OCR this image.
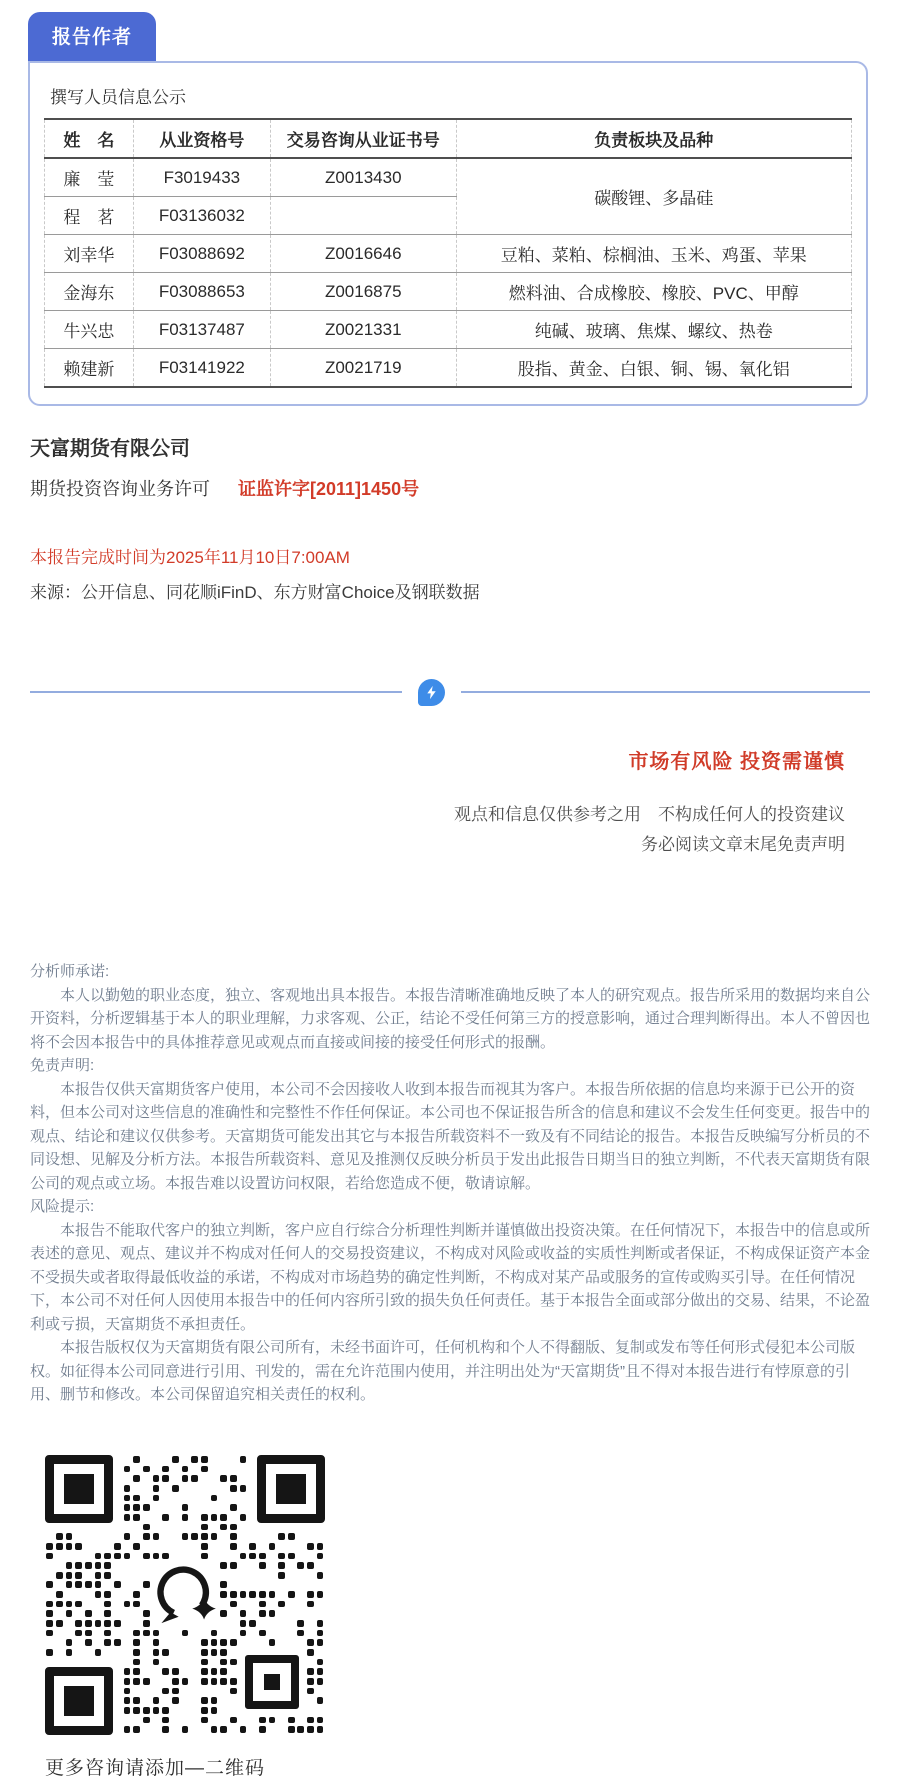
报告作者
撰写人员信息公示
姓　名	从业资格号	交易咨询从业证书号	负责板块及品种
廉　莹	F3019433	Z0013430	碳酸锂、多晶硅
程　茗	F03136032		
刘幸华	F03088692	Z0016646	豆粕、菜粕、棕榈油、玉米、鸡蛋、苹果
金海东	F03088653	Z0016875	燃料油、合成橡胶、橡胶、PVC、甲醇
牛兴忠	F03137487	Z0021331	纯碱、玻璃、焦煤、螺纹、热卷
赖建新	F03141922	Z0021719	股指、黄金、白银、铜、锡、氧化铝
天富期货有限公司
期货投资咨询业务许可 证监许字[2011]1450号
本报告完成时间为2025年11月10日7:00AM
来源：公开信息、同花顺iFinD、东方财富Choice及钢联数据
市场有风险 投资需谨慎
观点和信息仅供参考之用　不构成任何人的投资建议
务必阅读文章末尾免责声明
分析师承诺:
本人以勤勉的职业态度，独立、客观地出具本报告。本报告清晰准确地反映了本人的研究观点。报告所采用的数据均来自公开资料，分析逻辑基于本人的职业理解，力求客观、公正，结论不受任何第三方的授意影响，通过合理判断得出。本人不曾因也将不会因本报告中的具体推荐意见或观点而直接或间接的接受任何形式的报酬。
免责声明:
本报告仅供天富期货客户使用，本公司不会因接收人收到本报告而视其为客户。本报告所依据的信息均来源于已公开的资料，但本公司对这些信息的准确性和完整性不作任何保证。本公司也不保证报告所含的信息和建议不会发生任何变更。报告中的观点、结论和建议仅供参考。天富期货可能发出其它与本报告所载资料不一致及有不同结论的报告。本报告反映编写分析员的不同设想、见解及分析方法。本报告所载资料、意见及推测仅反映分析员于发出此报告日期当日的独立判断，不代表天富期货有限公司的观点或立场。本报告难以设置访问权限，若给您造成不便，敬请谅解。
风险提示:
本报告不能取代客户的独立判断，客户应自行综合分析理性判断并谨慎做出投资决策。在任何情况下，本报告中的信息或所表述的意见、观点、建议并不构成对任何人的交易投资建议，不构成对风险或收益的实质性判断或者保证，不构成保证资产本金不受损失或者取得最低收益的承诺，不构成对市场趋势的确定性判断，不构成对某产品或服务的宣传或购买引导。在任何情况下，本公司不对任何人因使用本报告中的任何内容所引致的损失负任何责任。基于本报告全面或部分做出的交易、结果，不论盈利或亏损，天富期货不承担责任。
本报告版权仅为天富期货有限公司所有，未经书面许可，任何机构和个人不得翻版、复制或发布等任何形式侵犯本公司版权。如征得本公司同意进行引用、刊发的，需在允许范围内使用，并注明出处为“天富期货”且不得对本报告进行有悖原意的引用、删节和修改。本公司保留追究相关责任的权利。
更多咨询请添加—二维码
